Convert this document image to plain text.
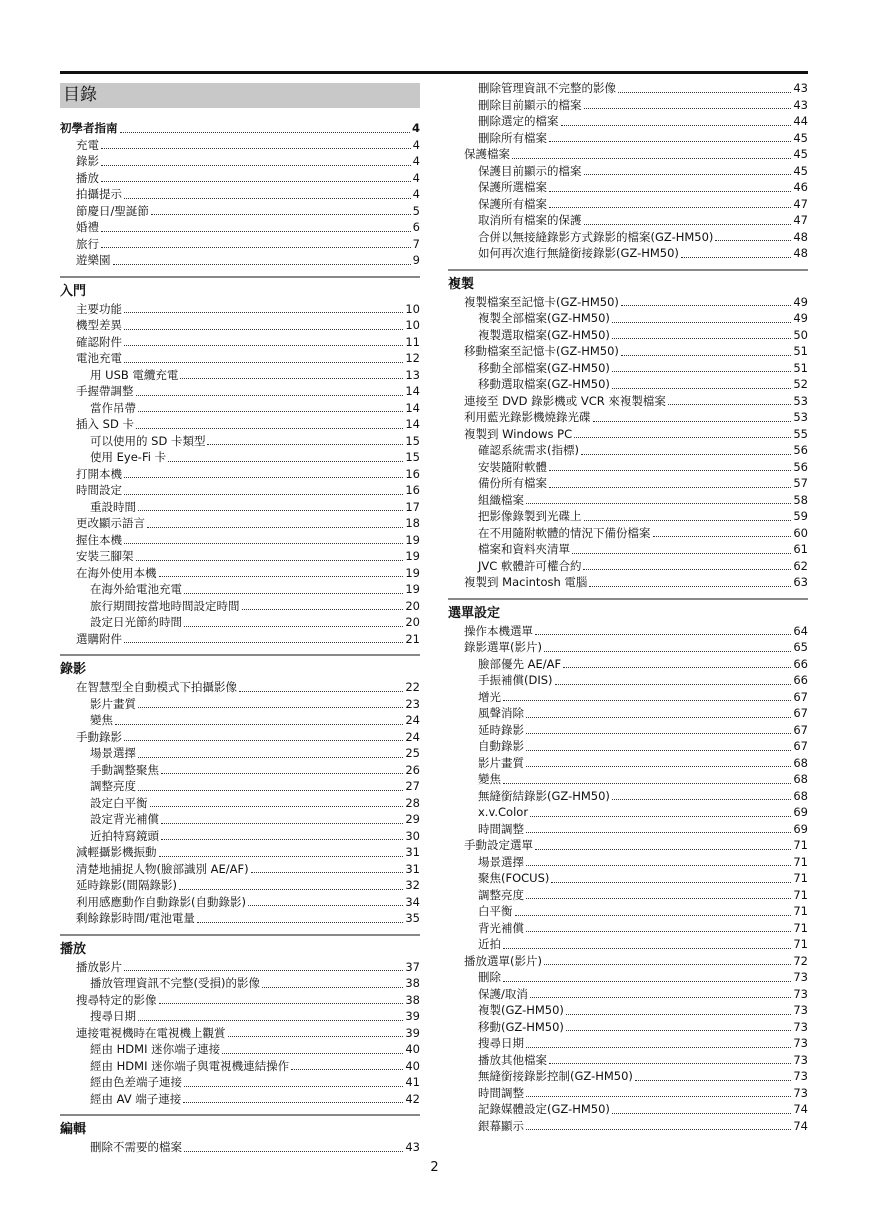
目錄
初學者指南	4
充電	4
錄影	4
播放	4
拍攝提示	4
節慶日/聖誕節	5
婚禮	6
旅行	7
遊樂園	9
入門
主要功能	10
機型差異	10
確認附件	11
電池充電	12
用 USB 電纜充電	13
手握帶調整	14
當作吊帶	14
插入 SD 卡	14
可以使用的 SD 卡類型	15
使用 Eye-Fi 卡	15
打開本機	16
時間設定	16
重設時間	17
更改顯示語言	18
握住本機	19
安裝三腳架	19
在海外使用本機	19
在海外給電池充電	19
旅行期間按當地時間設定時間	20
設定日光節約時間	20
選購附件	21
錄影
在智慧型全自動模式下拍攝影像	22
影片畫質	23
變焦	24
手動錄影	24
場景選擇	25
手動調整聚焦	26
調整亮度	27
設定白平衡	28
設定背光補償	29
近拍特寫鏡頭	30
減輕攝影機振動	31
清楚地捕捉人物(臉部識別 AE/AF)	31
延時錄影(間隔錄影)	32
利用感應動作自動錄影(自動錄影)	34
剩餘錄影時間/電池電量	35
播放
播放影片	37
播放管理資訊不完整(受損)的影像	38
搜尋特定的影像	38
搜尋日期	39
連接電視機時在電視機上觀賞	39
經由 HDMI 迷你端子連接	40
經由 HDMI 迷你端子與電視機連結操作	40
經由色差端子連接	41
經由 AV 端子連接	42
編輯
刪除不需要的檔案	43
刪除管理資訊不完整的影像	43
刪除目前顯示的檔案	43
刪除選定的檔案	44
刪除所有檔案	45
保護檔案	45
保護目前顯示的檔案	45
保護所選檔案	46
保護所有檔案	47
取消所有檔案的保護	47
合併以無接縫錄影方式錄影的檔案(GZ-HM50)	48
如何再次進行無縫銜接錄影(GZ-HM50)	48
複製
複製檔案至記憶卡(GZ-HM50)	49
複製全部檔案(GZ-HM50)	49
複製選取檔案(GZ-HM50)	50
移動檔案至記憶卡(GZ-HM50)	51
移動全部檔案(GZ-HM50)	51
移動選取檔案(GZ-HM50)	52
連接至 DVD 錄影機或 VCR 來複製檔案	53
利用藍光錄影機燒錄光碟	53
複製到 Windows PC	55
確認系統需求(指標)	56
安裝隨附軟體	56
備份所有檔案	57
組織檔案	58
把影像錄製到光碟上	59
在不用隨附軟體的情況下備份檔案	60
檔案和資料夾清單	61
JVC 軟體許可權合約	62
複製到 Macintosh 電腦	63
選單設定
操作本機選單	64
錄影選單(影片)	65
臉部優先 AE/AF	66
手振補償(DIS)	66
增光	67
風聲消除	67
延時錄影	67
自動錄影	67
影片畫質	68
變焦	68
無縫銜結錄影(GZ-HM50)	68
x.v.Color	69
時間調整	69
手動設定選單	71
場景選擇	71
聚焦(FOCUS)	71
調整亮度	71
白平衡	71
背光補償	71
近拍	71
播放選單(影片)	72
刪除	73
保護/取消	73
複製(GZ-HM50)	73
移動(GZ-HM50)	73
搜尋日期	73
播放其他檔案	73
無縫銜接錄影控制(GZ-HM50)	73
時間調整	73
記錄媒體設定(GZ-HM50)	74
銀幕顯示	74
2
